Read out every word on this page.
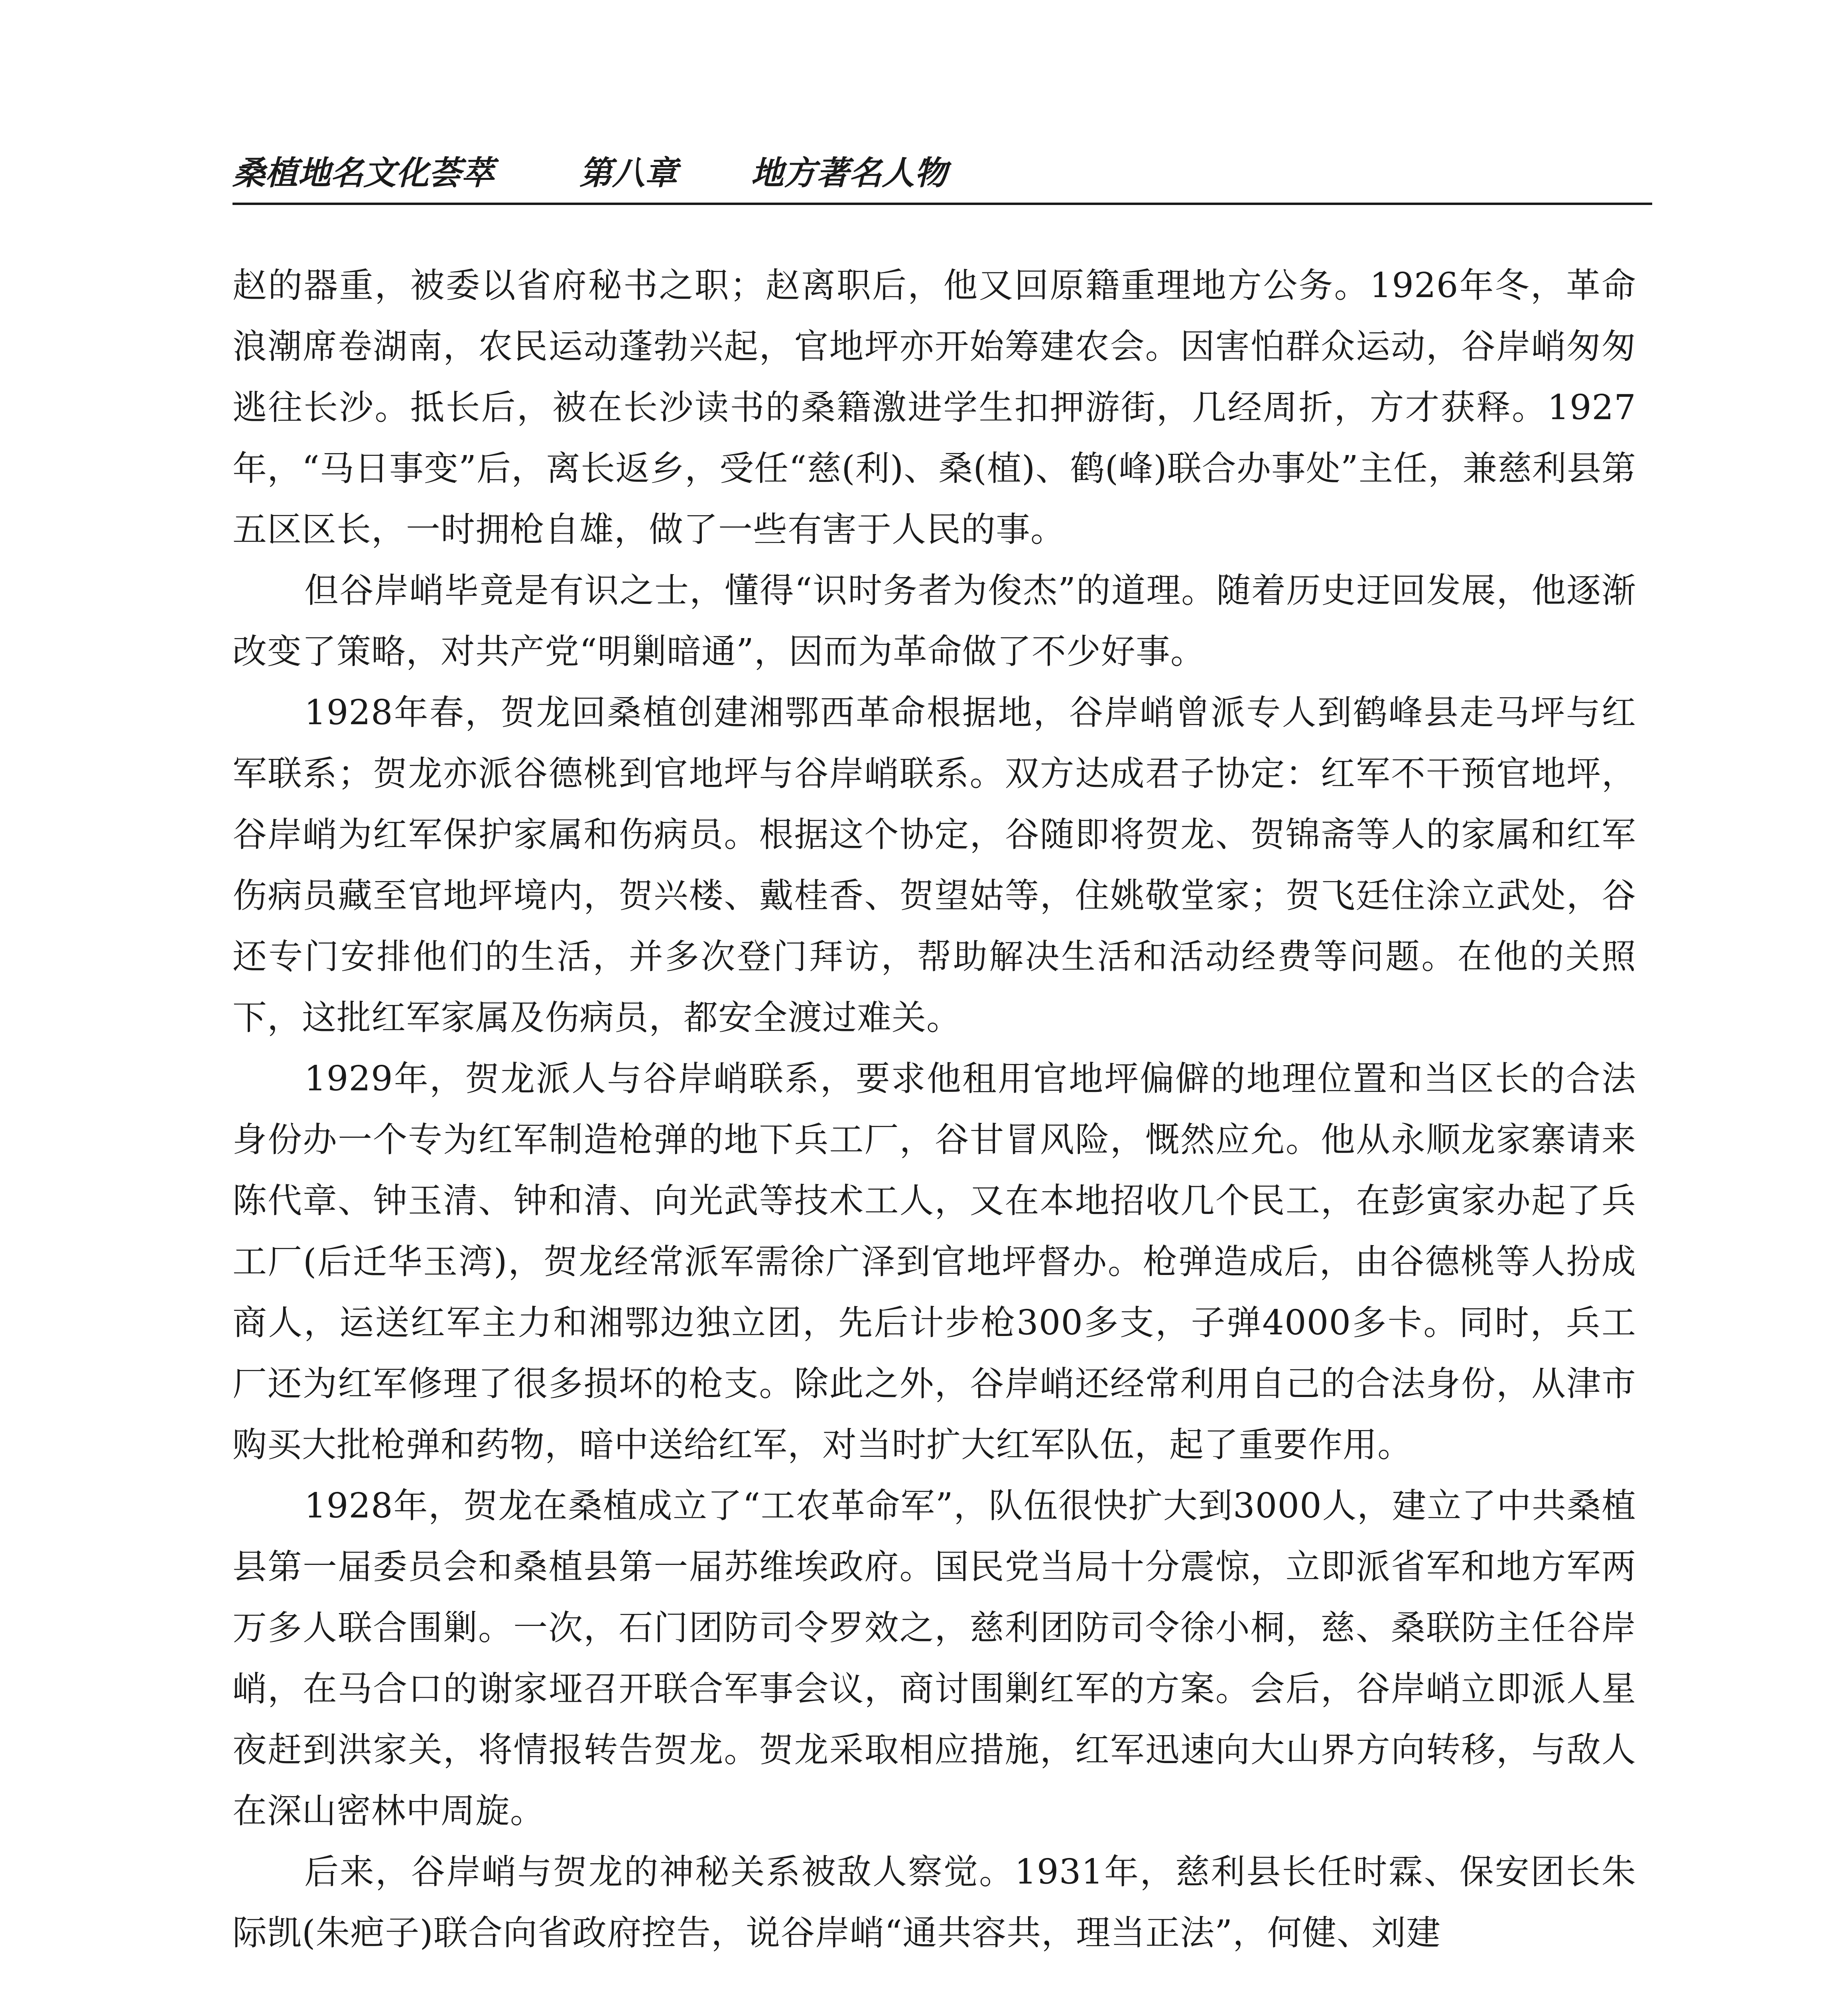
桑植地名文化荟萃	第八章 地方著名人物

赵的器重，被委以省府秘书之职；赵离职后，他又回原籍重理地方公务。1926年冬，革命浪潮席卷湖南，农民运动蓬勃兴起，官地坪亦开始筹建农会。因害怕群众运动，谷岸峭匆匆逃往长沙。抵长后，被在长沙读书的桑籍激进学生扣押游街，几经周折，方才获释。1927 年，“马日事变”后，离长返乡，受任“慈(利)、桑(植)、鹤(峰)联合办事处”主任，兼慈利县第五区区长，一时拥枪自雄，做了一些有害于人民的事。

但谷岸峭毕竟是有识之士，懂得“识时务者为俊杰”的道理。随着历史迂回发展，他逐渐改变了策略，对共产党“明剿暗通”，因而为革命做了不少好事。

1928年春，贺龙回桑植创建湘鄂西革命根据地，谷岸峭曾派专人到鹤峰县走马坪与红军联系；贺龙亦派谷德桃到官地坪与谷岸峭联系。双方达成君子协定：红军不干预官地坪，谷岸峭为红军保护家属和伤病员。根据这个协定，谷随即将贺龙、贺锦斋等人的家属和红军伤病员藏至官地坪境内，贺兴楼、戴桂香、贺望姑等，住姚敬堂家；贺飞廷住涂立武处，谷还专门安排他们的生活，并多次登门拜访，帮助解决生活和活动经费等问题。在他的关照下，这批红军家属及伤病员，都安全渡过难关。

1929年，贺龙派人与谷岸峭联系，要求他租用官地坪偏僻的地理位置和当区长的合法身份办一个专为红军制造枪弹的地下兵工厂，谷甘冒风险，慨然应允。他从永顺龙家寨请来陈代章、钟玉清、钟和清、向光武等技术工人，又在本地招收几个民工，在彭寅家办起了兵工厂(后迁华玉湾)，贺龙经常派军需徐广泽到官地坪督办。枪弹造成后，由谷德桃等人扮成商人，运送红军主力和湘鄂边独立团，先后计步枪300多支，子弹4000多卡。同时，兵工厂还为红军修理了很多损坏的枪支。除此之外，谷岸峭还经常利用自己的合法身份，从津市购买大批枪弹和药物，暗中送给红军，对当时扩大红军队伍，起了重要作用。

1928年，贺龙在桑植成立了“工农革命军”，队伍很快扩大到3000人，建立了中共桑植县第一届委员会和桑植县第一届苏维埃政府。国民党当局十分震惊，立即派省军和地方军两万多人联合围剿。一次，石门团防司令罗效之，慈利团防司令徐小桐，慈、桑联防主任谷岸峭，在马合口的谢家垭召开联合军事会议，商讨围剿红军的方案。会后，谷岸峭立即派人星夜赶到洪家关，将情报转告贺龙。贺龙采取相应措施，红军迅速向大山界方向转移，与敌人在深山密林中周旋。

后来，谷岸峭与贺龙的神秘关系被敌人察觉。1931年，慈利县长任时霖、保安团长朱际凯(朱疤子)联合向省政府控告，说谷岸峭“通共容共，理当正法”，何健、刘建
